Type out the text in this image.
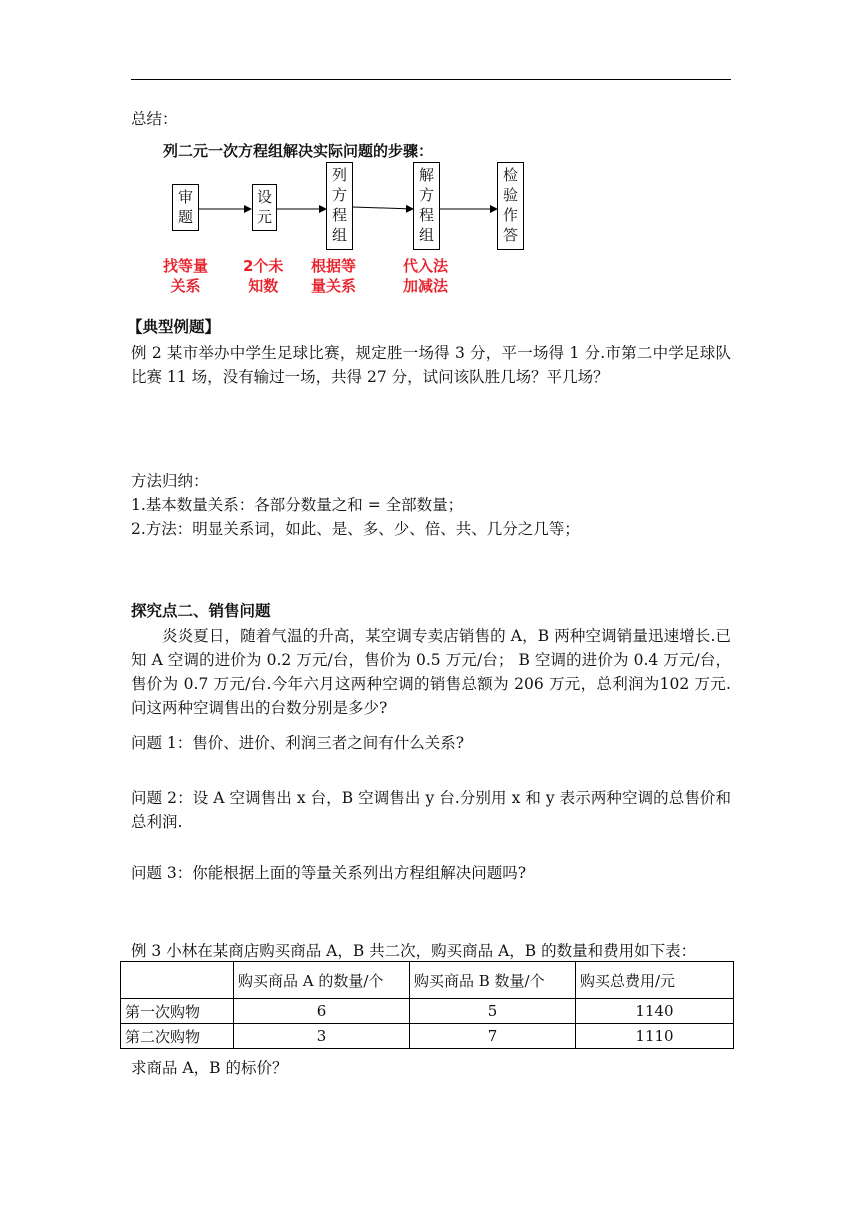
总结：
列二元一次方程组解决实际问题的步骤：
审
题
设
元
列
方
程
组
解
方
程
组
检
验
作
答
找等量
关系
2个未
知数
根据等
量关系
代入法
加减法
【典型例题】

例 2 某市举办中学生足球比赛，规定胜一场得 3 分，平一场得 1 分.市第二中学足球队比赛 11 场，没有输过一场，共得 27 分，试问该队胜几场？平几场？

方法归纳：
1.基本数量关系：各部分数量之和 = 全部数量；
2.方法：明显关系词，如此、是、多、少、倍、共、几分之几等；
探究点二、销售问题

炎炎夏日，随着气温的升高，某空调专卖店销售的 A，B 两种空调销量迅速增长.已知 A 空调的进价为 0.2 万元/台，售价为 0.5 万元/台； B 空调的进价为 0.4 万元/台，售价为 0.7 万元/台.今年六月这两种空调的销售总额为 206 万元，总利润为102 万元. 问这两种空调售出的台数分别是多少?

问题 1：售价、进价、利润三者之间有什么关系?

问题 2：设 A 空调售出 x 台，B 空调售出 y 台.分别用 x 和 y 表示两种空调的总售价和总利润.

问题 3：你能根据上面的等量关系列出方程组解决问题吗?
例 3 小林在某商店购买商品 A，B 共二次，购买商品 A，B 的数量和费用如下表：
	购买商品 A 的数量/个	购买商品 B 数量/个	购买总费用/元
第一次购物	6	5	1140
第二次购物	3	7	1110
求商品 A，B 的标价？
